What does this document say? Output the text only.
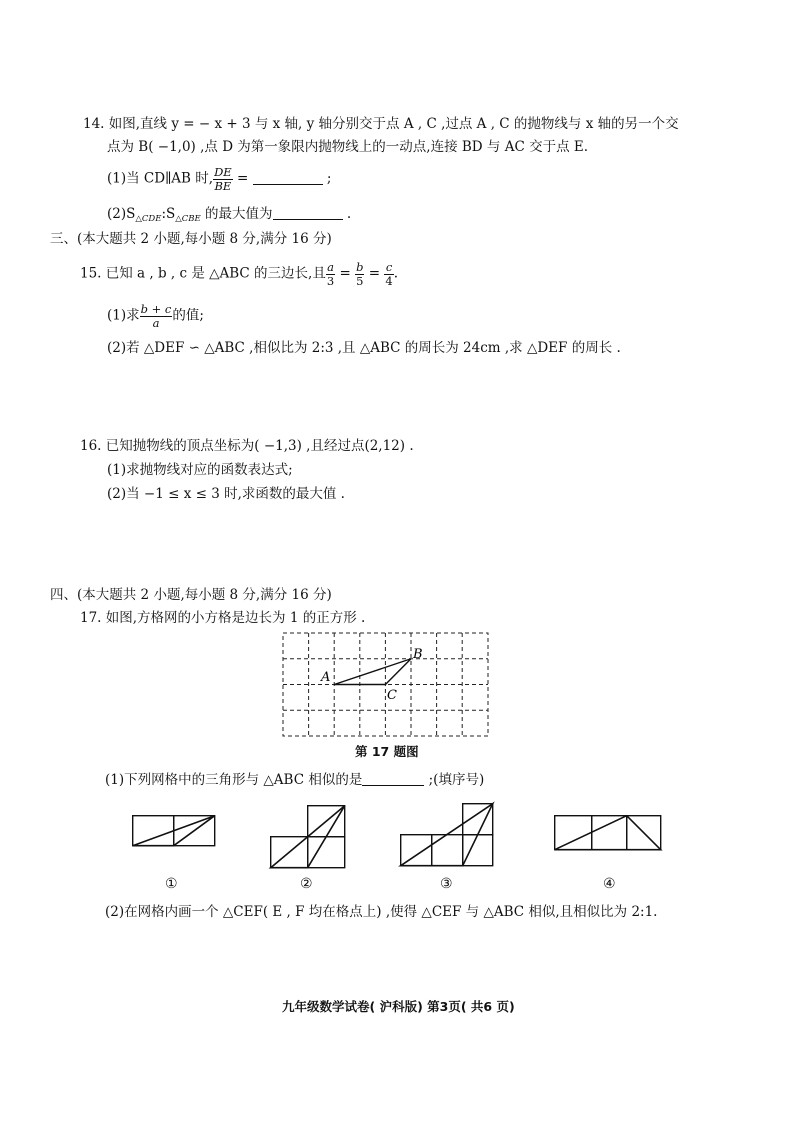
14. 如图,直线 y = − x + 3 与 x 轴, y 轴分别交于点 A , C ,过点 A , C 的抛物线与 x 轴的另一个交
点为 B( −1,0) ,点 D 为第一象限内抛物线上的一动点,连接 BD 与 AC 交于点 E.
(1)当 CD∥AB 时, $\frac{DE}{BE}$ =	;
$(2)S_{\triangle CDE}:S_{\triangle CBE}$ 的最大值为	.
三、(本大题共 2 小题,每小题 8 分,满分 16 分)
15. 已知 a , b , c 是 △ABC 的三边长,且 $\frac{a}{3} = \frac{b}{5} = \frac{c}{4}$ .
(1)求 $\frac{b + c}{a}$ 的值;
(2)若 △DEF ∽ △ABC ,相似比为 2:3 ,且 △ABC 的周长为 24cm ,求 △DEF 的周长 .
16. 已知抛物线的顶点坐标为( −1,3) ,且经过点(2,12) .
(1)求抛物线对应的函数表达式;
(2)当 −1 ≤ x ≤ 3 时,求函数的最大值 .
四、(本大题共 2 小题,每小题 8 分,满分 16 分)
17. 如图,方格网的小方格是边长为 1 的正方形 .
A
B
C
第 17 题图
(1)下列网格中的三角形与 △ABC 相似的是	;(填序号)
①	②	③	④
(2)在网格内画一个 △CEF( E , F 均在格点上) ,使得 △CEF 与 △ABC 相似,且相似比为 2:1.
九年级数学试卷( 沪科版) 第3页( 共6 页)
